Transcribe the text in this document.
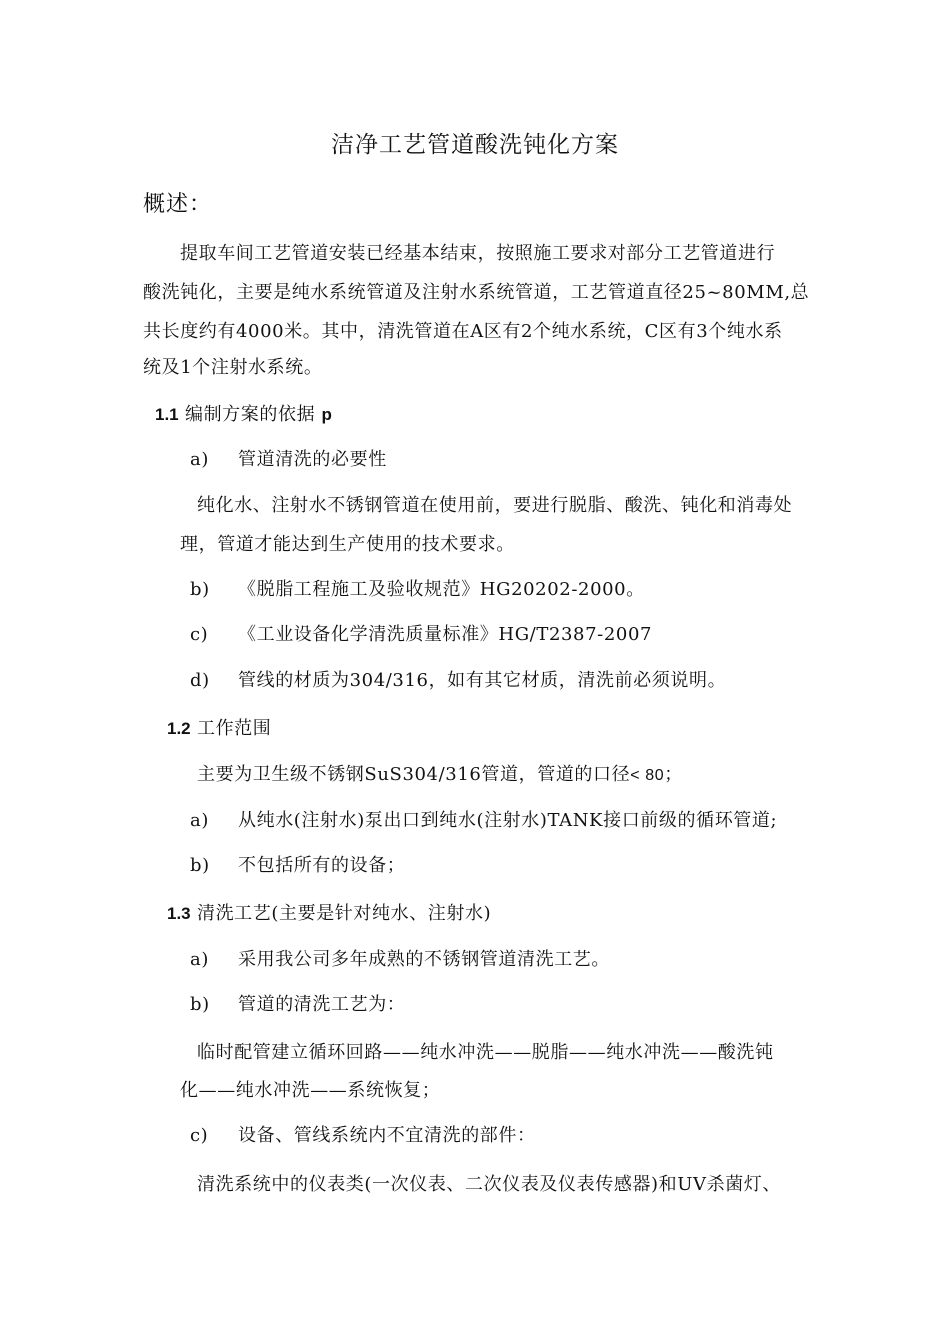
洁净工艺管道酸洗钝化方案
概述：
提取车间工艺管道安装已经基本结束，按照施工要求对部分工艺管道进行
酸洗钝化，主要是纯水系统管道及注射水系统管道，工艺管道直径25~80MM,总
共长度约有4000米。其中，清洗管道在A区有2个纯水系统，C区有3个纯水系
统及1个注射水系统。
1.1 编制方案的依据 p
a) 管道清洗的必要性
纯化水、注射水不锈钢管道在使用前，要进行脱脂、酸洗、钝化和消毒处
理，管道才能达到生产使用的技术要求。
b) 《脱脂工程施工及验收规范》HG20202-2000。
c) 《工业设备化学清洗质量标准》HG/T2387-2007
d) 管线的材质为304/316，如有其它材质，清洗前必须说明。
1.2 工作范围
主要为卫生级不锈钢SuS304/316管道，管道的口径< 80；
a) 从纯水(注射水)泵出口到纯水(注射水)TANK接口前级的循环管道;
b) 不包括所有的设备；
1.3 清洗工艺(主要是针对纯水、注射水)
a) 采用我公司多年成熟的不锈钢管道清洗工艺。
b) 管道的清洗工艺为：
临时配管建立循环回路——纯水冲洗——脱脂——纯水冲洗——酸洗钝
化——纯水冲洗——系统恢复；
c) 设备、管线系统内不宜清洗的部件：
清洗系统中的仪表类(一次仪表、二次仪表及仪表传感器)和UV杀菌灯、
